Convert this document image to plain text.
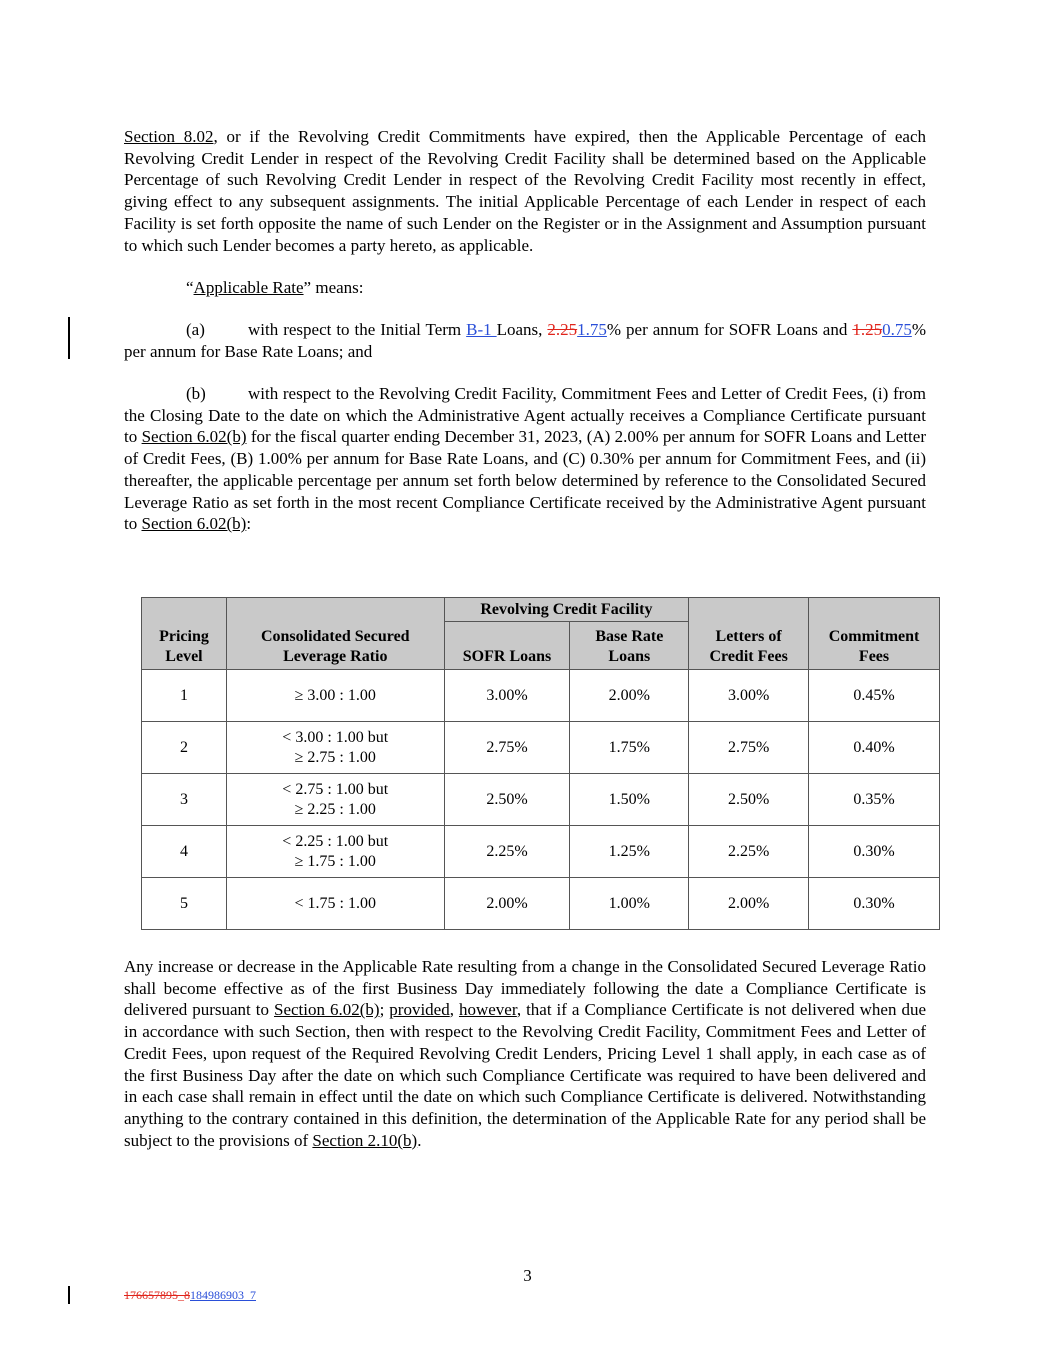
Section 8.02, or if the Revolving Credit Commitments have expired, then the Applicable Percentage of each Revolving Credit Lender in respect of the Revolving Credit Facility shall be determined based on the Applicable Percentage of such Revolving Credit Lender in respect of the Revolving Credit Facility most recently in effect, giving effect to any subsequent assignments. The initial Applicable Percentage of each Lender in respect of each Facility is set forth opposite the name of such Lender on the Register or in the Assignment and Assumption pursuant to which such Lender becomes a party hereto, as applicable.

“Applicable Rate” means:

(a)	with respect to the Initial Term B-1 Loans, 2.251.75% per annum for SOFR Loans and 1.250.75% per annum for Base Rate Loans; and

(b) with respect to the Revolving Credit Facility, Commitment Fees and Letter of Credit Fees, (i) from the Closing Date to the date on which the Administrative Agent actually receives a Compliance Certificate pursuant to Section 6.02(b) for the fiscal quarter ending December 31, 2023, (A) 2.00% per annum for SOFR Loans and Letter of Credit Fees, (B) 1.00% per annum for Base Rate Loans, and (C) 0.30% per annum for Commitment Fees, and (ii) thereafter, the applicable percentage per annum set forth below determined by reference to the Consolidated Secured Leverage Ratio as set forth in the most recent Compliance Certificate received by the Administrative Agent pursuant to Section 6.02(b):

Pricing Level	Consolidated Secured Leverage Ratio	Revolving Credit Facility		Letters of Credit Fees	Commitment Fees
		SOFR Loans	Base Rate Loans		
1	≥ 3.00 : 1.00	3.00%	2.00%	3.00%	0.45%
2	< 3.00 : 1.00 but
≥ 2.75 : 1.00	2.75%	1.75%	2.75%	0.40%
3	< 2.75 : 1.00 but
≥ 2.25 : 1.00	2.50%	1.50%	2.50%	0.35%
4	< 2.25 : 1.00 but
≥ 1.75 : 1.00	2.25%	1.25%	2.25%	0.30%
5	< 1.75 : 1.00	2.00%	1.00%	2.00%	0.30%

Any increase or decrease in the Applicable Rate resulting from a change in the Consolidated Secured Leverage Ratio shall become effective as of the first Business Day immediately following the date a Compliance Certificate is delivered pursuant to Section 6.02(b); provided, however, that if a Compliance Certificate is not delivered when due in accordance with such Section, then with respect to the Revolving Credit Facility, Commitment Fees and Letter of Credit Fees, upon request of the Required Revolving Credit Lenders, Pricing Level 1 shall apply, in each case as of the first Business Day after the date on which such Compliance Certificate was required to have been delivered and in each case shall remain in effect until the date on which such Compliance Certificate is delivered. Notwithstanding anything to the contrary contained in this definition, the determination of the Applicable Rate for any period shall be subject to the provisions of Section 2.10(b).

3
176657895_8184986903_7
